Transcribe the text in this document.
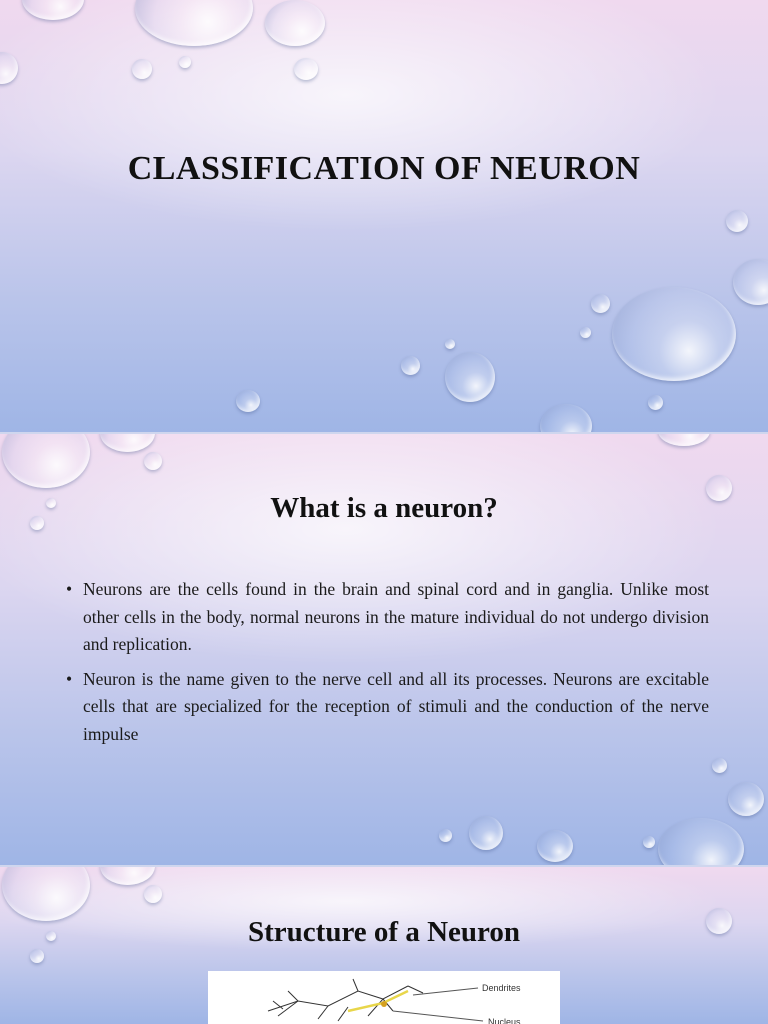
CLASSIFICATION OF NEURON
What is a neuron?
• Neurons are the cells found in the brain and spinal cord and in ganglia. Unlike most other cells in the body, normal neurons in the mature individual do not undergo division and replication.
• Neuron is the name given to the nerve cell and all its processes. Neurons are excitable cells that are specialized for the reception of stimuli and the conduction of the nerve impulse
Structure of a Neuron
Dendrites
Nucleus
